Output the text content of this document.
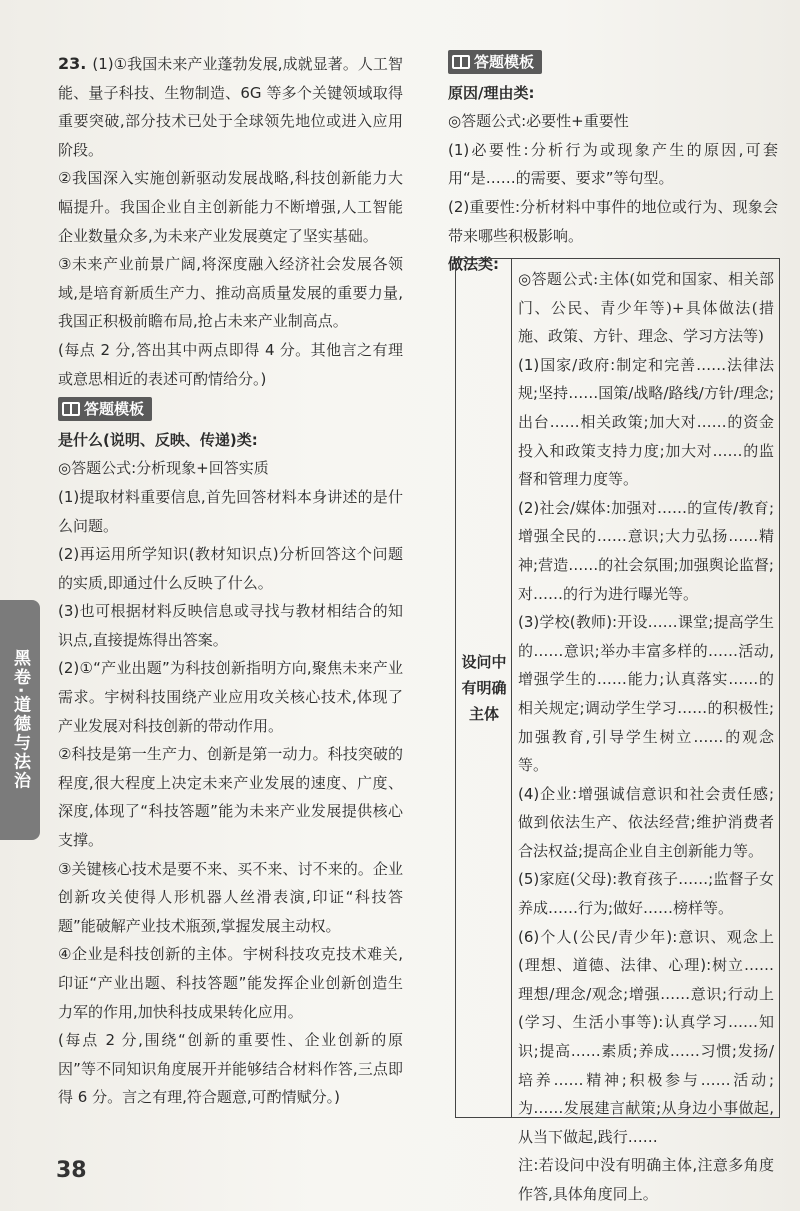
黑卷·道德与法治

23. (1)①我国未来产业蓬勃发展,成就显著。人工智能、量子科技、生物制造、6G 等多个关键领域取得重要突破,部分技术已处于全球领先地位或进入应用阶段。

②我国深入实施创新驱动发展战略,科技创新能力大幅提升。我国企业自主创新能力不断增强,人工智能企业数量众多,为未来产业发展奠定了坚实基础。

③未来产业前景广阔,将深度融入经济社会发展各领域,是培育新质生产力、推动高质量发展的重要力量,我国正积极前瞻布局,抢占未来产业制高点。

(每点 2 分,答出其中两点即得 4 分。其他言之有理或意思相近的表述可酌情给分。)

答题模板

是什么(说明、反映、传递)类:

◎答题公式:分析现象+回答实质

(1)提取材料重要信息,首先回答材料本身讲述的是什么问题。

(2)再运用所学知识(教材知识点)分析回答这个问题的实质,即通过什么反映了什么。

(3)也可根据材料反映信息或寻找与教材相结合的知识点,直接提炼得出答案。

(2)①“产业出题”为科技创新指明方向,聚焦未来产业需求。宇树科技围绕产业应用攻关核心技术,体现了产业发展对科技创新的带动作用。

②科技是第一生产力、创新是第一动力。科技突破的程度,很大程度上决定未来产业发展的速度、广度、深度,体现了“科技答题”能为未来产业发展提供核心支撑。

③关键核心技术是要不来、买不来、讨不来的。企业创新攻关使得人形机器人丝滑表演,印证“科技答题”能破解产业技术瓶颈,掌握发展主动权。

④企业是科技创新的主体。宇树科技攻克技术难关,印证“产业出题、科技答题”能发挥企业创新创造生力军的作用,加快科技成果转化应用。

(每点 2 分,围绕“创新的重要性、企业创新的原因”等不同知识角度展开并能够结合材料作答,三点即得 6 分。言之有理,符合题意,可酌情赋分。)

答题模板

原因/理由类:

◎答题公式:必要性+重要性

(1)必要性:分析行为或现象产生的原因,可套用“是……的需要、要求”等句型。

(2)重要性:分析材料中事件的地位或行为、现象会带来哪些积极影响。

做法类:

设问中有明确主体

◎答题公式:主体(如党和国家、相关部门、公民、青少年等)+具体做法(措施、政策、方针、理念、学习方法等)

(1)国家/政府:制定和完善……法律法规;坚持……国策/战略/路线/方针/理念;出台……相关政策;加大对……的资金投入和政策支持力度;加大对……的监督和管理力度等。

(2)社会/媒体:加强对……的宣传/教育;增强全民的……意识;大力弘扬……精神;营造……的社会氛围;加强舆论监督;对……的行为进行曝光等。

(3)学校(教师):开设……课堂;提高学生的……意识;举办丰富多样的……活动,增强学生的……能力;认真落实……的相关规定;调动学生学习……的积极性;加强教育,引导学生树立……的观念等。

(4)企业:增强诚信意识和社会责任感;做到依法生产、依法经营;维护消费者合法权益;提高企业自主创新能力等。

(5)家庭(父母):教育孩子……;监督子女养成……行为;做好……榜样等。

(6)个人(公民/青少年):意识、观念上(理想、道德、法律、心理):树立……理想/理念/观念;增强……意识;行动上(学习、生活小事等):认真学习……知识;提高……素质;养成……习惯;发扬/培养……精神;积极参与……活动;为……发展建言献策;从身边小事做起,从当下做起,践行……

注:若设问中没有明确主体,注意多角度作答,具体角度同上。

38
